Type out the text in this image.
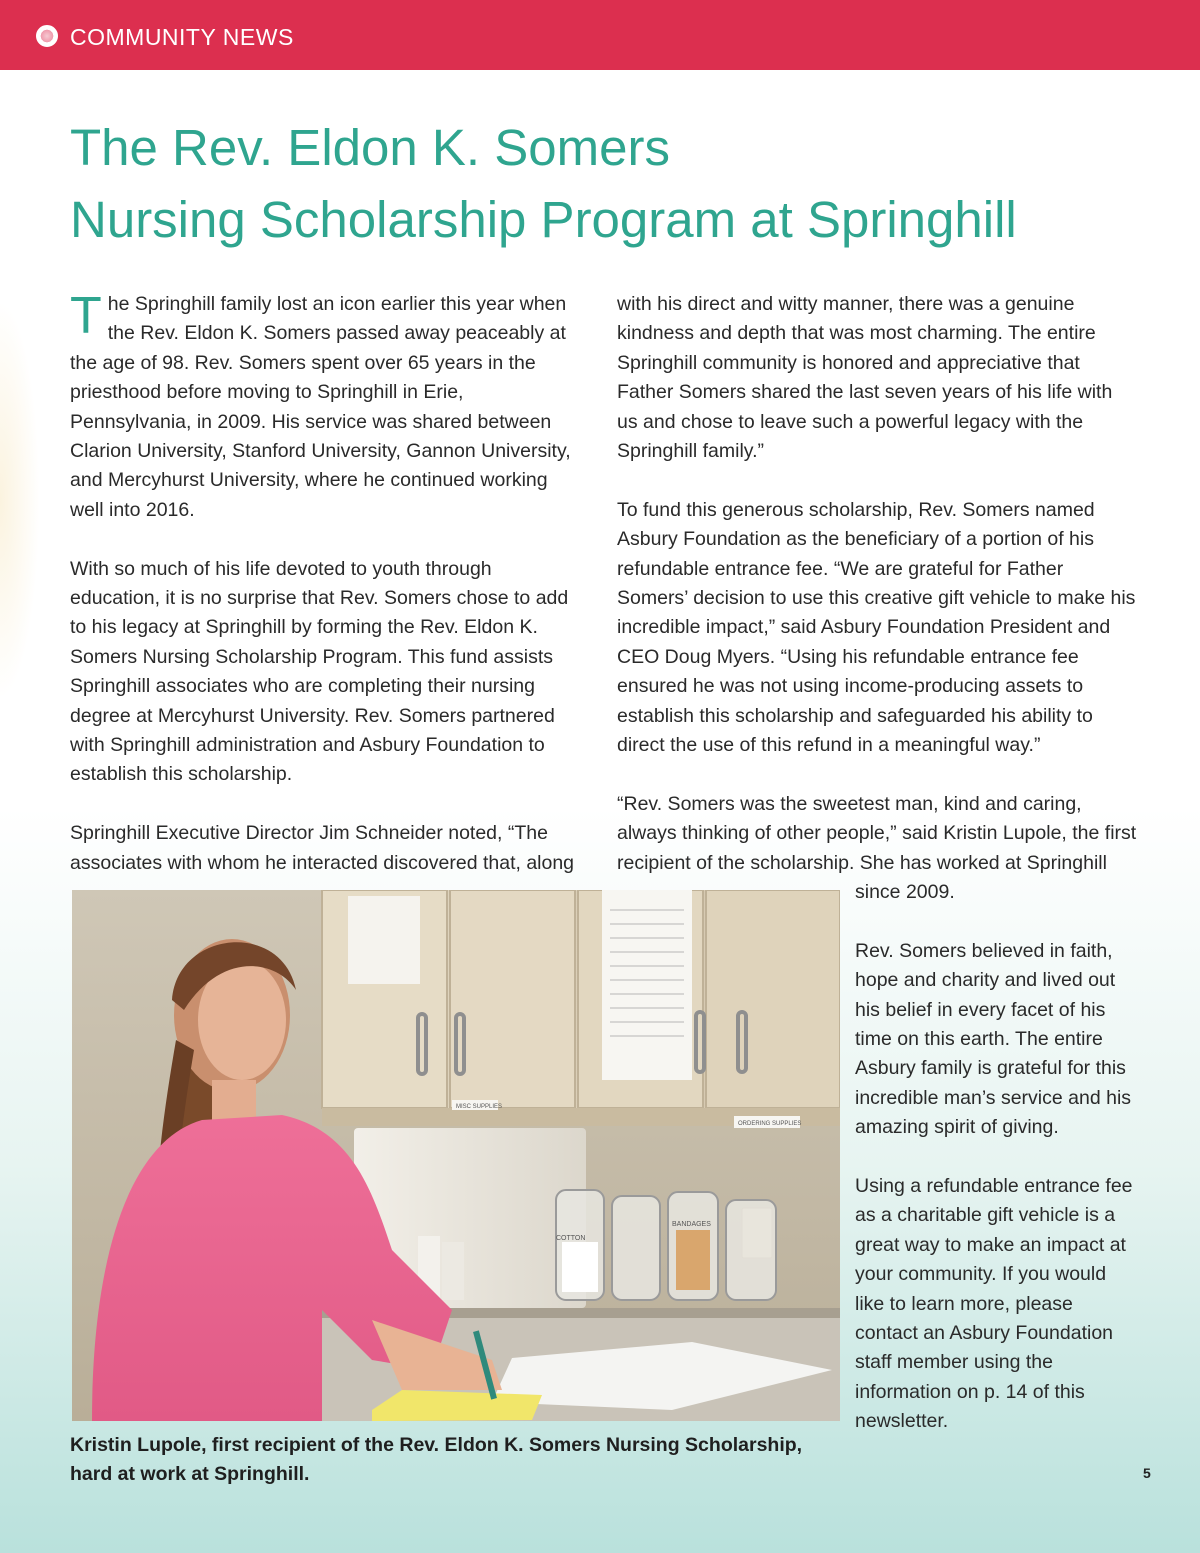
COMMUNITY NEWS
The Rev. Eldon K. Somers
Nursing Scholarship Program at Springhill

The Springhill family lost an icon earlier this year when the Rev. Eldon K. Somers passed away peaceably at the age of 98. Rev. Somers spent over 65 years in the priesthood before moving to Springhill in Erie, Pennsylvania, in 2009. His service was shared between Clarion University, Stanford University, Gannon University, and Mercyhurst University, where he continued working well into 2016.

With so much of his life devoted to youth through education, it is no surprise that Rev. Somers chose to add to his legacy at Springhill by forming the Rev. Eldon K. Somers Nursing Scholarship Program. This fund assists Springhill associates who are completing their nursing degree at Mercyhurst University. Rev. Somers partnered with Springhill administration and Asbury Foundation to establish this scholarship.

Springhill Executive Director Jim Schneider noted, “The associates with whom he interacted discovered that, along

with his direct and witty manner, there was a genuine kindness and depth that was most charming. The entire Springhill community is honored and appreciative that Father Somers shared the last seven years of his life with us and chose to leave such a powerful legacy with the Springhill family.”

To fund this generous scholarship, Rev. Somers named Asbury Foundation as the beneficiary of a portion of his refundable entrance fee. “We are grateful for Father Somers’ decision to use this creative gift vehicle to make his incredible impact,” said Asbury Foundation President and CEO Doug Myers. “Using his refundable entrance fee ensured he was not using income-producing assets to establish this scholarship and safeguarded his ability to direct the use of this refund in a meaningful way.”

“Rev. Somers was the sweetest man, kind and caring, always thinking of other people,” said Kristin Lupole, the first recipient of the scholarship. She has worked at Springhill

since 2009.

Rev. Somers believed in faith, hope and charity and lived out his belief in every facet of his time on this earth. The entire Asbury family is grateful for this incredible man’s service and his amazing spirit of giving.

Using a refundable entrance fee as a charitable gift vehicle is a great way to make an impact at your community. If you would like to learn more, please contact an Asbury Foundation staff member using the information on p. 14 of this newsletter.

MISC SUPPLIES
ORDERING SUPPLIES
COTTON
BANDAGES
Kristin Lupole, first recipient of the Rev. Eldon K. Somers Nursing Scholarship, hard at work at Springhill.	5
